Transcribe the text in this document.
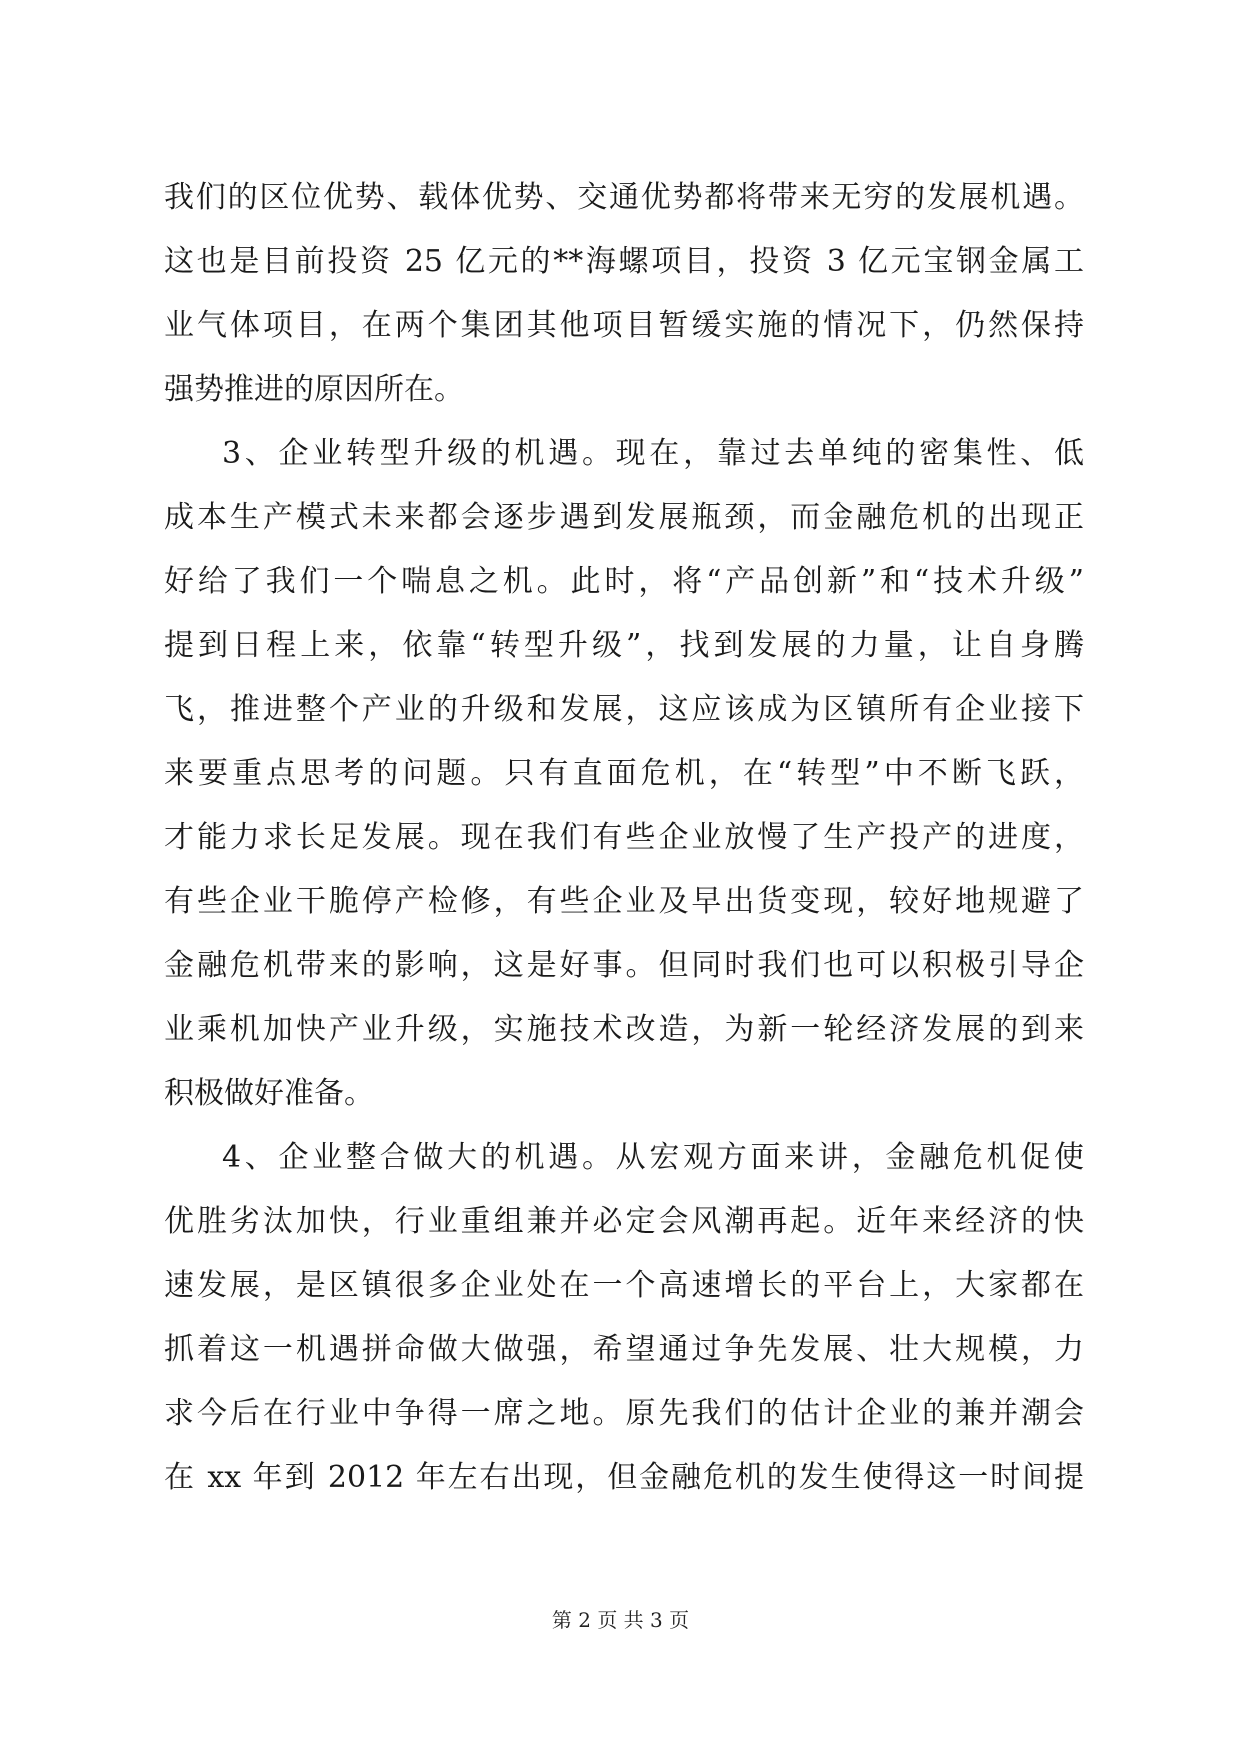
我们的区位优势、载体优势、交通优势都将带来无穷的发展机遇。
这也是目前投资 25 亿元的**海螺项目，投资 3 亿元宝钢金属工
业气体项目，在两个集团其他项目暂缓实施的情况下，仍然保持
强势推进的原因所在。
3、企业转型升级的机遇。现在，靠过去单纯的密集性、低
成本生产模式未来都会逐步遇到发展瓶颈，而金融危机的出现正
好给了我们一个喘息之机。此时，将“产品创新”和“技术升级”
提到日程上来，依靠“转型升级”，找到发展的力量，让自身腾
飞，推进整个产业的升级和发展，这应该成为区镇所有企业接下
来要重点思考的问题。只有直面危机，在“转型”中不断飞跃，
才能力求长足发展。现在我们有些企业放慢了生产投产的进度，
有些企业干脆停产检修，有些企业及早出货变现，较好地规避了
金融危机带来的影响，这是好事。但同时我们也可以积极引导企
业乘机加快产业升级，实施技术改造，为新一轮经济发展的到来
积极做好准备。
4、企业整合做大的机遇。从宏观方面来讲，金融危机促使
优胜劣汰加快，行业重组兼并必定会风潮再起。近年来经济的快
速发展，是区镇很多企业处在一个高速增长的平台上，大家都在
抓着这一机遇拼命做大做强，希望通过争先发展、壮大规模，力
求今后在行业中争得一席之地。原先我们的估计企业的兼并潮会
在 xx 年到 2012 年左右出现，但金融危机的发生使得这一时间提
第 2 页 共 3 页
